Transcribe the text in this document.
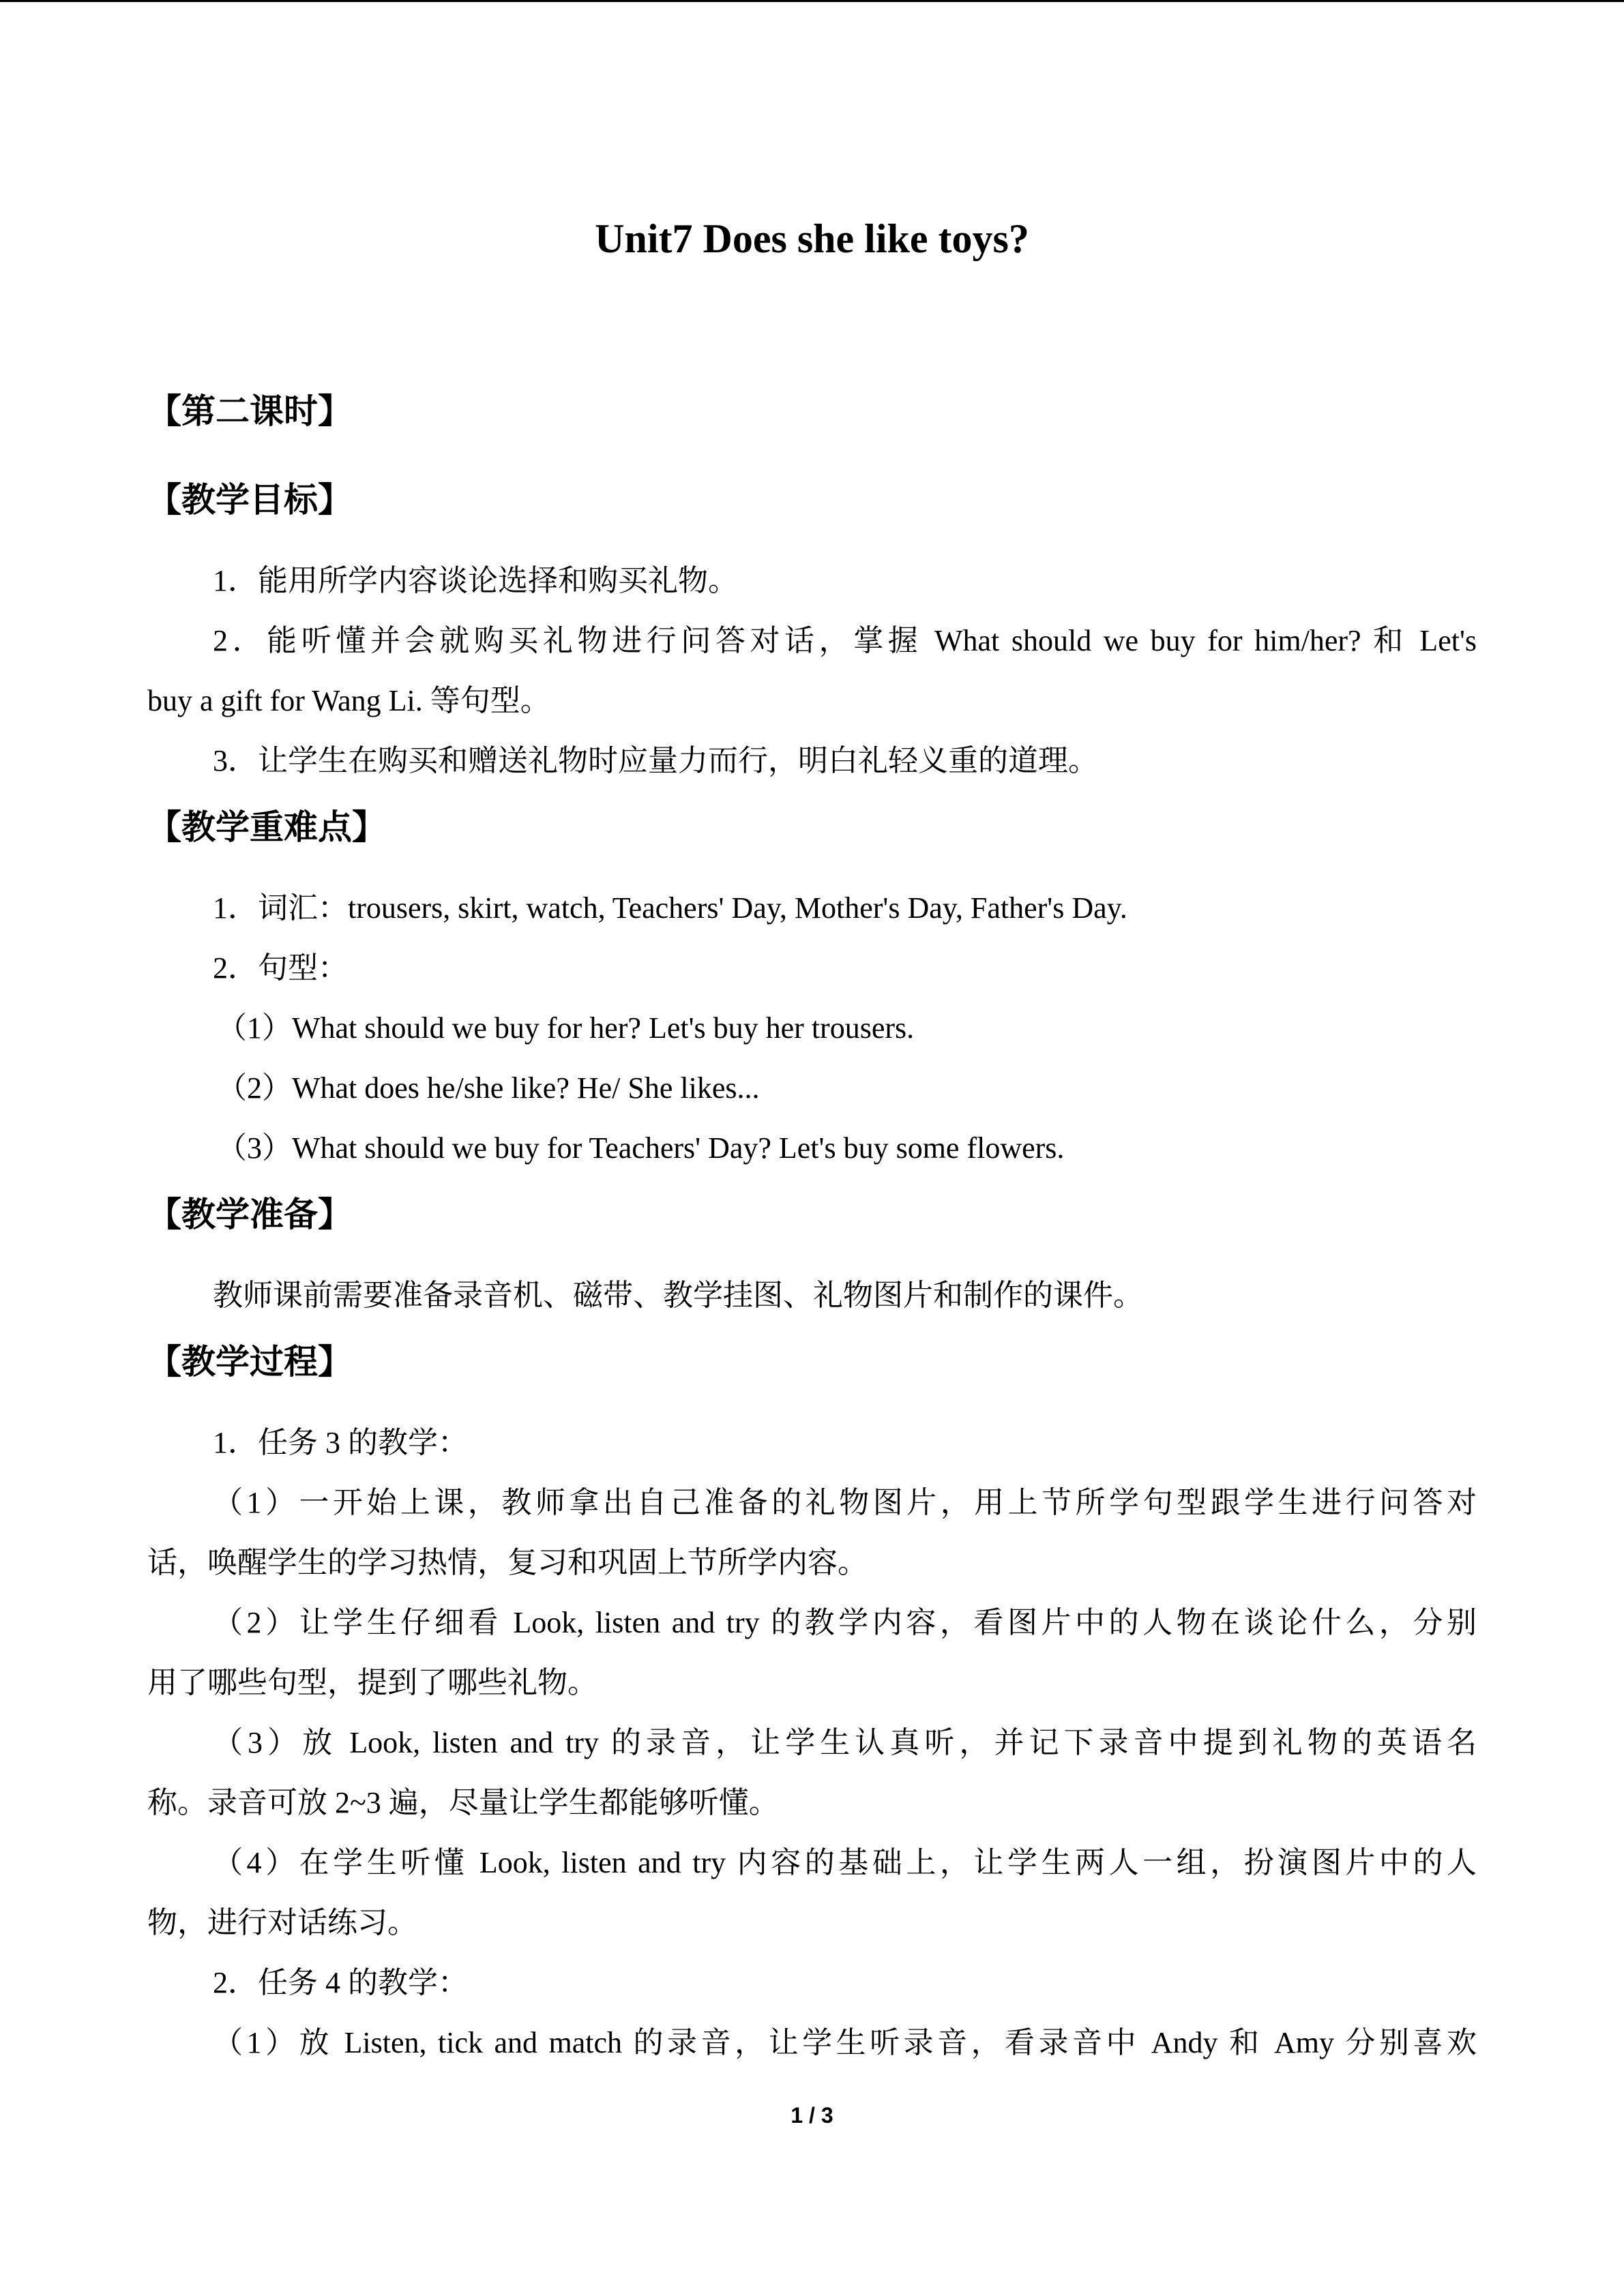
Unit7 Does she like toys?
【第二课时】
【教学目标】
1．能用所学内容谈论选择和购买礼物。
2．能听懂并会就购买礼物进行问答对话，掌握 What should we buy for him/her? 和 Let's
buy a gift for Wang Li. 等句型。
3．让学生在购买和赠送礼物时应量力而行，明白礼轻义重的道理。
【教学重难点】
1．词汇：trousers, skirt, watch, Teachers' Day, Mother's Day, Father's Day.
2．句型：
（1）What should we buy for her? Let's buy her trousers.
（2）What does he/she like? He/ She likes...
（3）What should we buy for Teachers' Day? Let's buy some flowers.
【教学准备】
教师课前需要准备录音机、磁带、教学挂图、礼物图片和制作的课件。
【教学过程】
1．任务 3 的教学：
（1）一开始上课，教师拿出自己准备的礼物图片，用上节所学句型跟学生进行问答对
话，唤醒学生的学习热情，复习和巩固上节所学内容。
（2）让学生仔细看 Look, listen and try 的教学内容，看图片中的人物在谈论什么，分别
用了哪些句型，提到了哪些礼物。
（3）放 Look, listen and try 的录音，让学生认真听，并记下录音中提到礼物的英语名
称。录音可放 2~3 遍，尽量让学生都能够听懂。
（4）在学生听懂 Look, listen and try 内容的基础上，让学生两人一组，扮演图片中的人
物，进行对话练习。
2．任务 4 的教学：
（1）放 Listen, tick and match 的录音，让学生听录音，看录音中 Andy 和 Amy 分别喜欢
1 / 3
